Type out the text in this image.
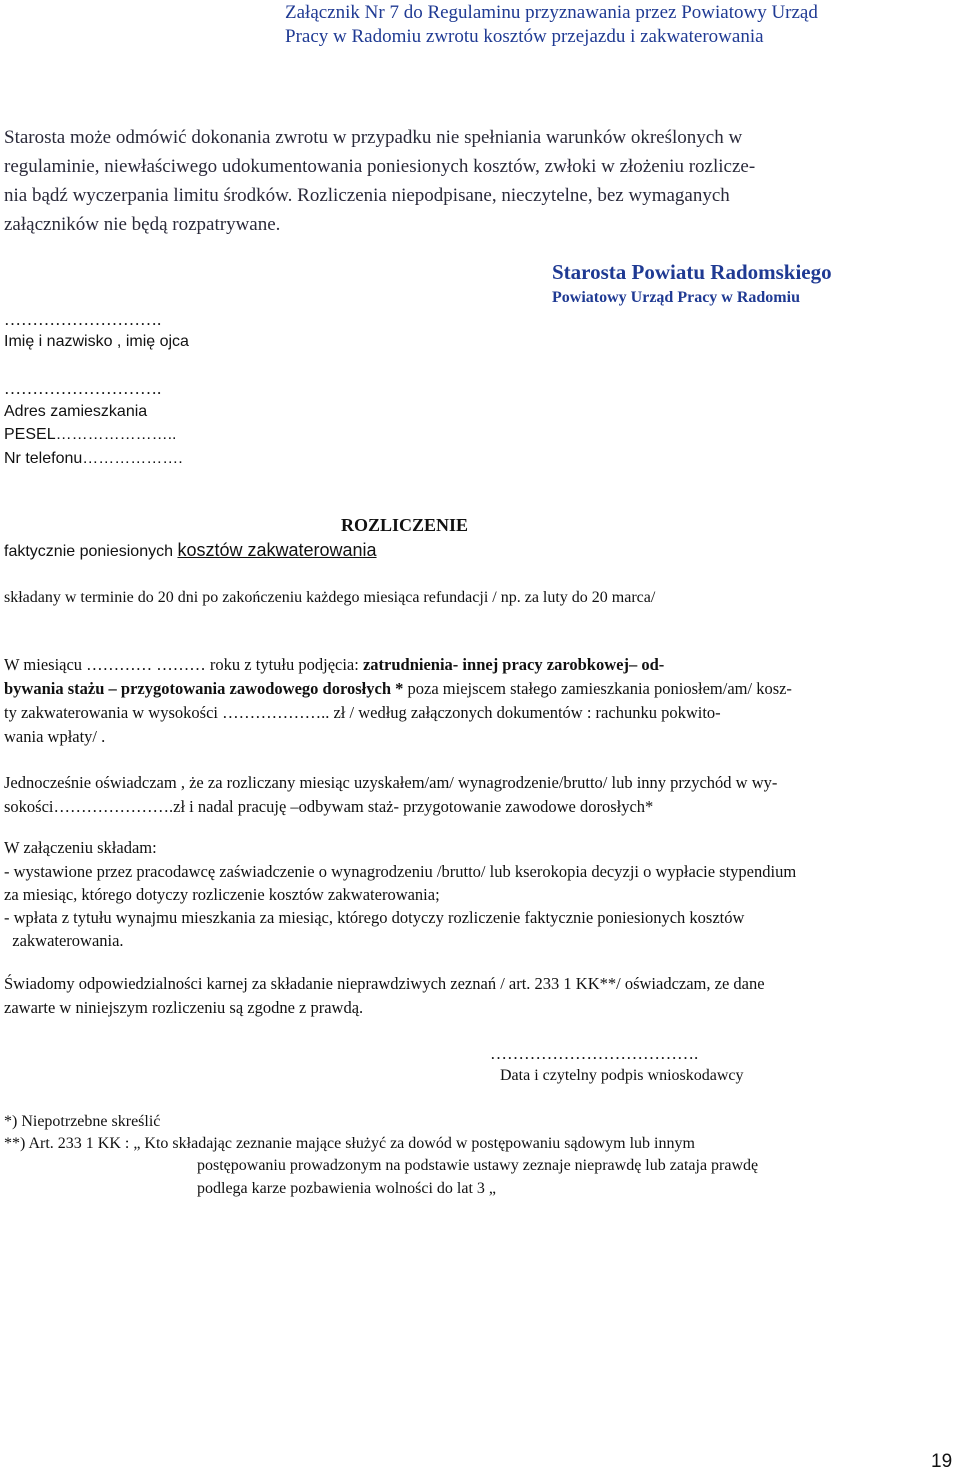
Załącznik Nr 7 do Regulaminu przyznawania przez Powiatowy Urząd
Pracy w Radomiu zwrotu kosztów przejazdu i zakwaterowania
Starosta może odmówić dokonania zwrotu w przypadku nie spełniania warunków określonych w
regulaminie, niewłaściwego udokumentowania poniesionych kosztów, zwłoki w złożeniu rozlicze-
nia bądź wyczerpania limitu środków. Rozliczenia niepodpisane, nieczytelne, bez wymaganych
załączników nie będą rozpatrywane.
Starosta Powiatu Radomskiego
Powiatowy Urząd Pracy w Radomiu
……………………….
Imię i nazwisko , imię ojca
……………………….
Adres zamieszkania
PESEL…………………..
Nr telefonu……………….
ROZLICZENIE
faktycznie poniesionych kosztów zakwaterowania
składany w terminie do 20 dni po zakończeniu każdego miesiąca refundacji / np. za luty do 20 marca/
W miesiącu ………… ……… roku z tytułu podjęcia: zatrudnienia- innej pracy zarobkowej– od-
bywania stażu – przygotowania zawodowego dorosłych * poza miejscem stałego zamieszkania poniosłem/am/ kosz-
ty zakwaterowania w wysokości ……………….. zł / według załączonych dokumentów : rachunku pokwito-
wania wpłaty/ .
Jednocześnie oświadczam , że za rozliczany miesiąc uzyskałem/am/ wynagrodzenie/brutto/ lub inny przychód w wy-
sokości………………….zł i nadal pracuję –odbywam staż- przygotowanie zawodowe dorosłych*
W załączeniu składam:
- wystawione przez pracodawcę zaświadczenie o wynagrodzeniu /brutto/ lub kserokopia decyzji o wypłacie stypendium
za miesiąc, którego dotyczy rozliczenie kosztów zakwaterowania;
- wpłata z tytułu wynajmu mieszkania za miesiąc, którego dotyczy rozliczenie faktycznie poniesionych kosztów
zakwaterowania.
Świadomy odpowiedzialności karnej za składanie nieprawdziwych zeznań / art. 233 1 KK**/ oświadczam, ze dane
zawarte w niniejszym rozliczeniu są zgodne z prawdą.
……………………………….
Data i czytelny podpis wnioskodawcy
*) Niepotrzebne skreślić
**) Art. 233 1 KK : „ Kto składając zeznanie mające służyć za dowód w postępowaniu sądowym lub innym
postępowaniu prowadzonym na podstawie ustawy zeznaje nieprawdę lub zataja prawdę
podlega karze pozbawienia wolności do lat 3 „
19
